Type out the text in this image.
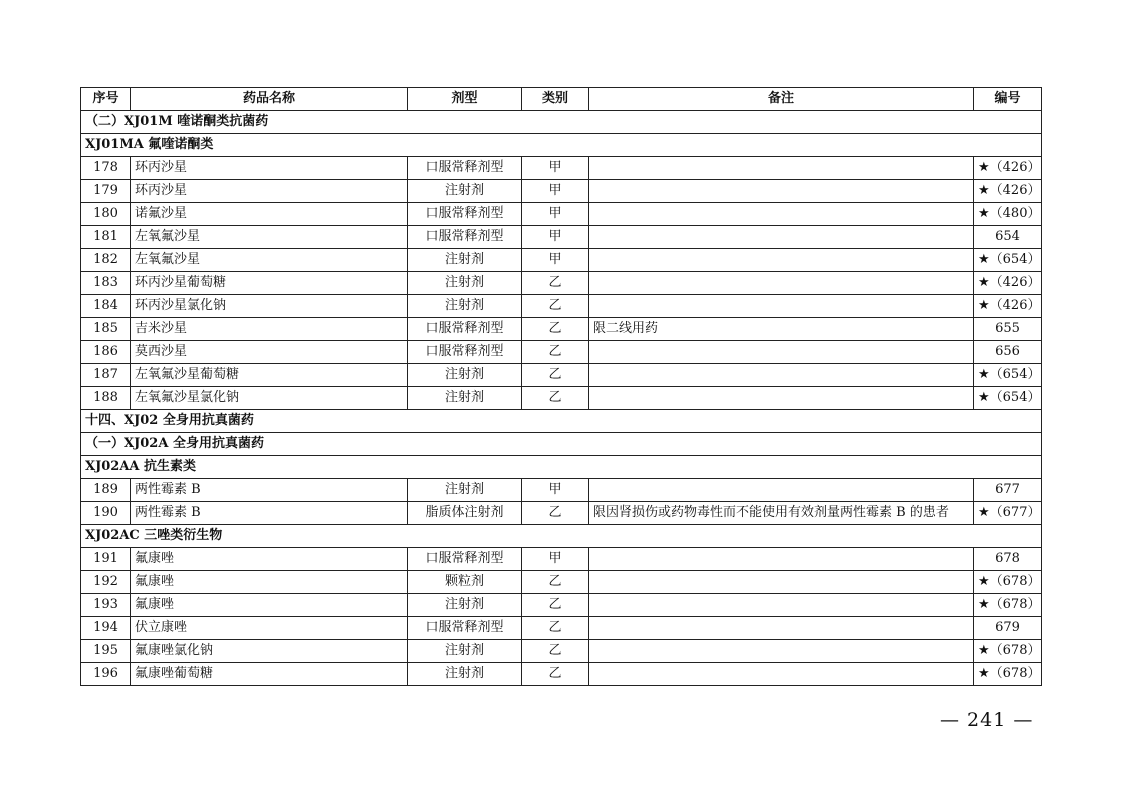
序号	药品名称	剂型	类别	备注	编号
（二）XJ01M 喹诺酮类抗菌药					
XJ01MA 氟喹诺酮类					
178	环丙沙星	口服常释剂型	甲		★（426）
179	环丙沙星	注射剂	甲		★（426）
180	诺氟沙星	口服常释剂型	甲		★（480）
181	左氧氟沙星	口服常释剂型	甲		654
182	左氧氟沙星	注射剂	甲		★（654）
183	环丙沙星葡萄糖	注射剂	乙		★（426）
184	环丙沙星氯化钠	注射剂	乙		★（426）
185	吉米沙星	口服常释剂型	乙	限二线用药	655
186	莫西沙星	口服常释剂型	乙		656
187	左氧氟沙星葡萄糖	注射剂	乙		★（654）
188	左氧氟沙星氯化钠	注射剂	乙		★（654）
十四、XJ02 全身用抗真菌药					
（一）XJ02A 全身用抗真菌药					
XJ02AA 抗生素类					
189	两性霉素 B	注射剂	甲		677
190	两性霉素 B	脂质体注射剂	乙	限因肾损伤或药物毒性而不能使用有效剂量两性霉素 B 的患者	★（677）
XJ02AC 三唑类衍生物					
191	氟康唑	口服常释剂型	甲		678
192	氟康唑	颗粒剂	乙		★（678）
193	氟康唑	注射剂	乙		★（678）
194	伏立康唑	口服常释剂型	乙		679
195	氟康唑氯化钠	注射剂	乙		★（678）
196	氟康唑葡萄糖	注射剂	乙		★（678）
— 241 —
